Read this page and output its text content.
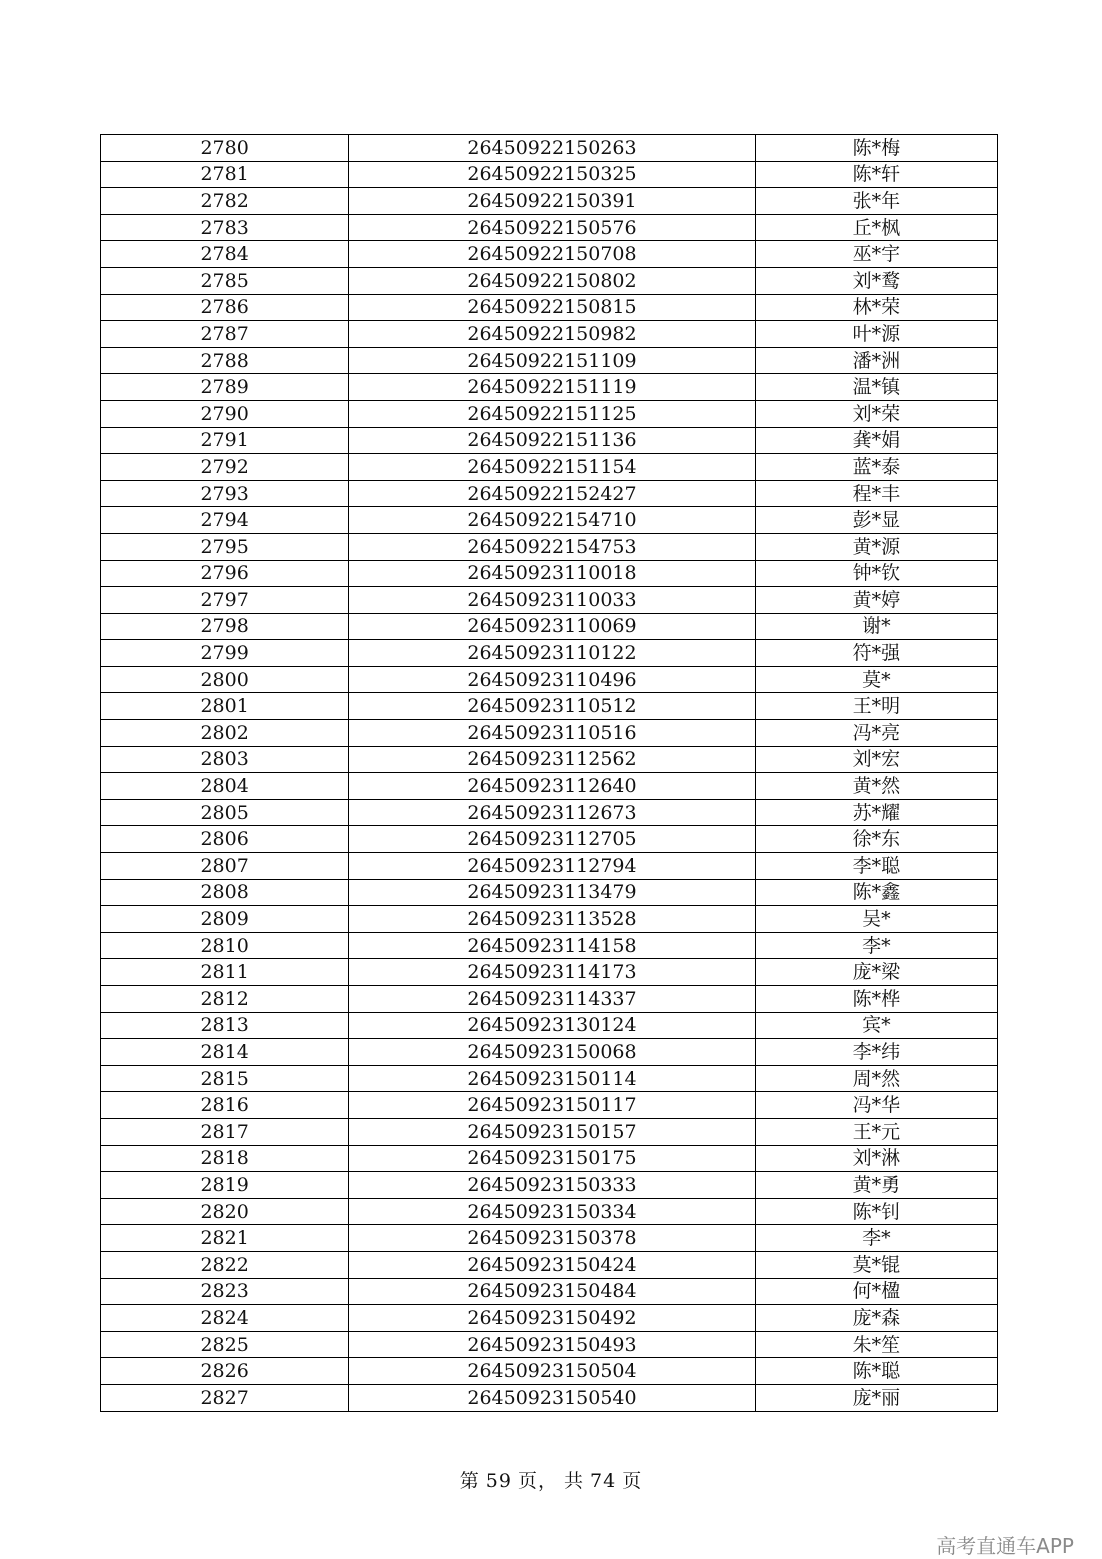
2780	26450922150263	陈*梅
2781	26450922150325	陈*轩
2782	26450922150391	张*年
2783	26450922150576	丘*枫
2784	26450922150708	巫*宇
2785	26450922150802	刘*鹜
2786	26450922150815	林*荣
2787	26450922150982	叶*源
2788	26450922151109	潘*洲
2789	26450922151119	温*镇
2790	26450922151125	刘*荣
2791	26450922151136	龚*娟
2792	26450922151154	蓝*泰
2793	26450922152427	程*丰
2794	26450922154710	彭*显
2795	26450922154753	黄*源
2796	26450923110018	钟*钦
2797	26450923110033	黄*婷
2798	26450923110069	谢*
2799	26450923110122	符*强
2800	26450923110496	莫*
2801	26450923110512	王*明
2802	26450923110516	冯*亮
2803	26450923112562	刘*宏
2804	26450923112640	黄*然
2805	26450923112673	苏*耀
2806	26450923112705	徐*东
2807	26450923112794	李*聪
2808	26450923113479	陈*鑫
2809	26450923113528	吴*
2810	26450923114158	李*
2811	26450923114173	庞*梁
2812	26450923114337	陈*桦
2813	26450923130124	宾*
2814	26450923150068	李*纬
2815	26450923150114	周*然
2816	26450923150117	冯*华
2817	26450923150157	王*元
2818	26450923150175	刘*淋
2819	26450923150333	黄*勇
2820	26450923150334	陈*钊
2821	26450923150378	李*
2822	26450923150424	莫*锟
2823	26450923150484	何*楹
2824	26450923150492	庞*森
2825	26450923150493	朱*笙
2826	26450923150504	陈*聪
2827	26450923150540	庞*丽
第 59 页， 共 74 页
高考直通车APP
